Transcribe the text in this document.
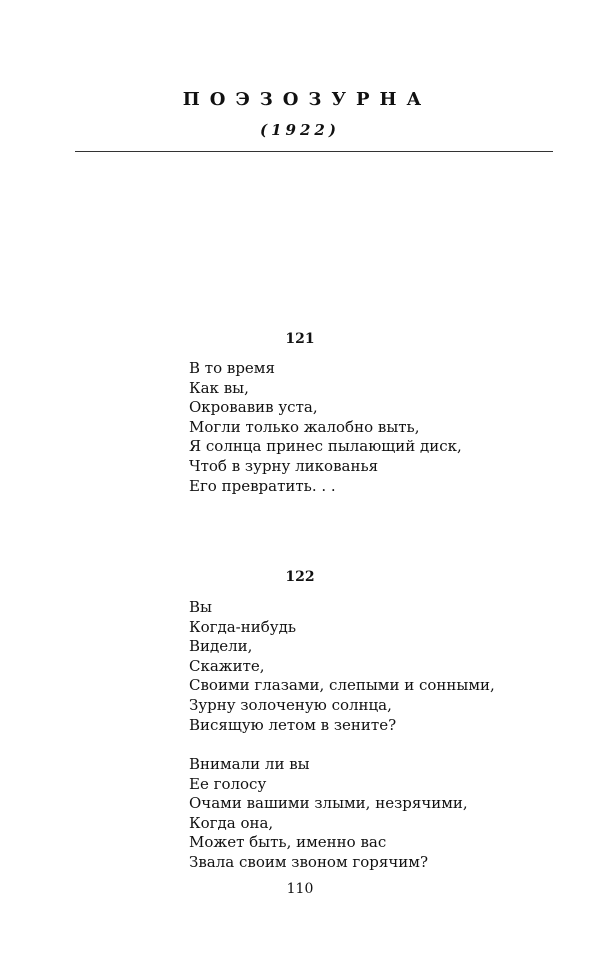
ПОЭЗОЗУРНА
(1922)
121
В то время
Как вы,
Окровавив уста,
Могли только жалобно выть,
Я солнца принес пылающий диск,
Чтоб в зурну ликованья
Его превратить. . .
122
Вы
Когда-нибудь
Видели,
Скажите,
Своими глазами, слепыми и сонными,
Зурну золоченую солнца,
Висящую летом в зените?
Внимали ли вы
Ее голосу
Очами вашими злыми, незрячими,
Когда она,
Может быть, именно вас
Звала своим звоном горячим?
110
